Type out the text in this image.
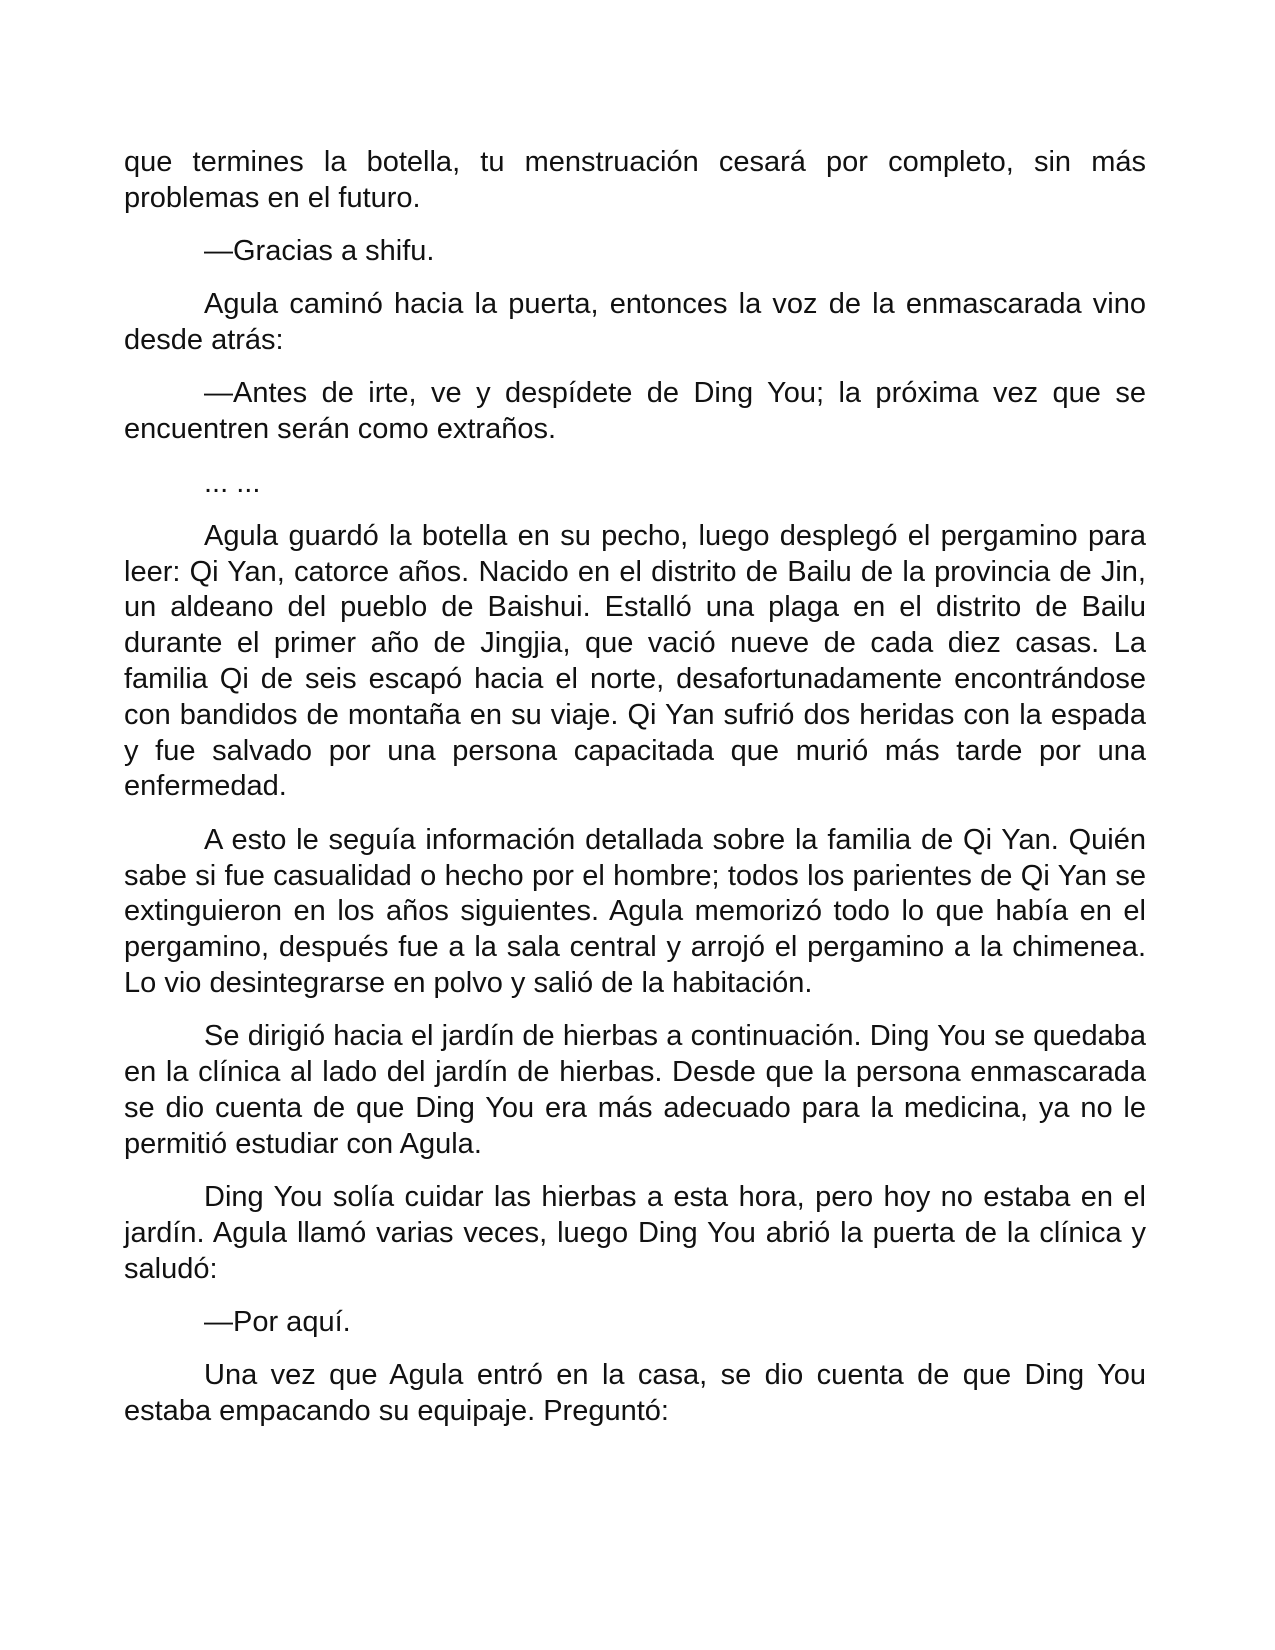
que termines la botella, tu menstruación cesará por completo, sin más problemas en el futuro.

—Gracias a shifu.

Agula caminó hacia la puerta, entonces la voz de la enmascarada vino desde atrás:

—Antes de irte, ve y despídete de Ding You; la próxima vez que se encuentren serán como extraños.

... ...

Agula guardó la botella en su pecho, luego desplegó el pergamino para leer: Qi Yan, catorce años. Nacido en el distrito de Bailu de la provincia de Jin, un aldeano del pueblo de Baishui. Estalló una plaga en el distrito de Bailu durante el primer año de Jingjia, que vació nueve de cada diez casas. La familia Qi de seis escapó hacia el norte, desafortunadamente encontrándose con bandidos de montaña en su viaje. Qi Yan sufrió dos heridas con la espada y fue salvado por una persona capacitada que murió más tarde por una enfermedad.

A esto le seguía información detallada sobre la familia de Qi Yan. Quién sabe si fue casualidad o hecho por el hombre; todos los parientes de Qi Yan se extinguieron en los años siguientes. Agula memorizó todo lo que había en el pergamino, después fue a la sala central y arrojó el pergamino a la chimenea. Lo vio desintegrarse en polvo y salió de la habitación.

Se dirigió hacia el jardín de hierbas a continuación. Ding You se quedaba en la clínica al lado del jardín de hierbas. Desde que la persona enmascarada se dio cuenta de que Ding You era más adecuado para la medicina, ya no le permitió estudiar con Agula.

Ding You solía cuidar las hierbas a esta hora, pero hoy no estaba en el jardín. Agula llamó varias veces, luego Ding You abrió la puerta de la clínica y saludó:

—Por aquí.

Una vez que Agula entró en la casa, se dio cuenta de que Ding You estaba empacando su equipaje. Preguntó:
